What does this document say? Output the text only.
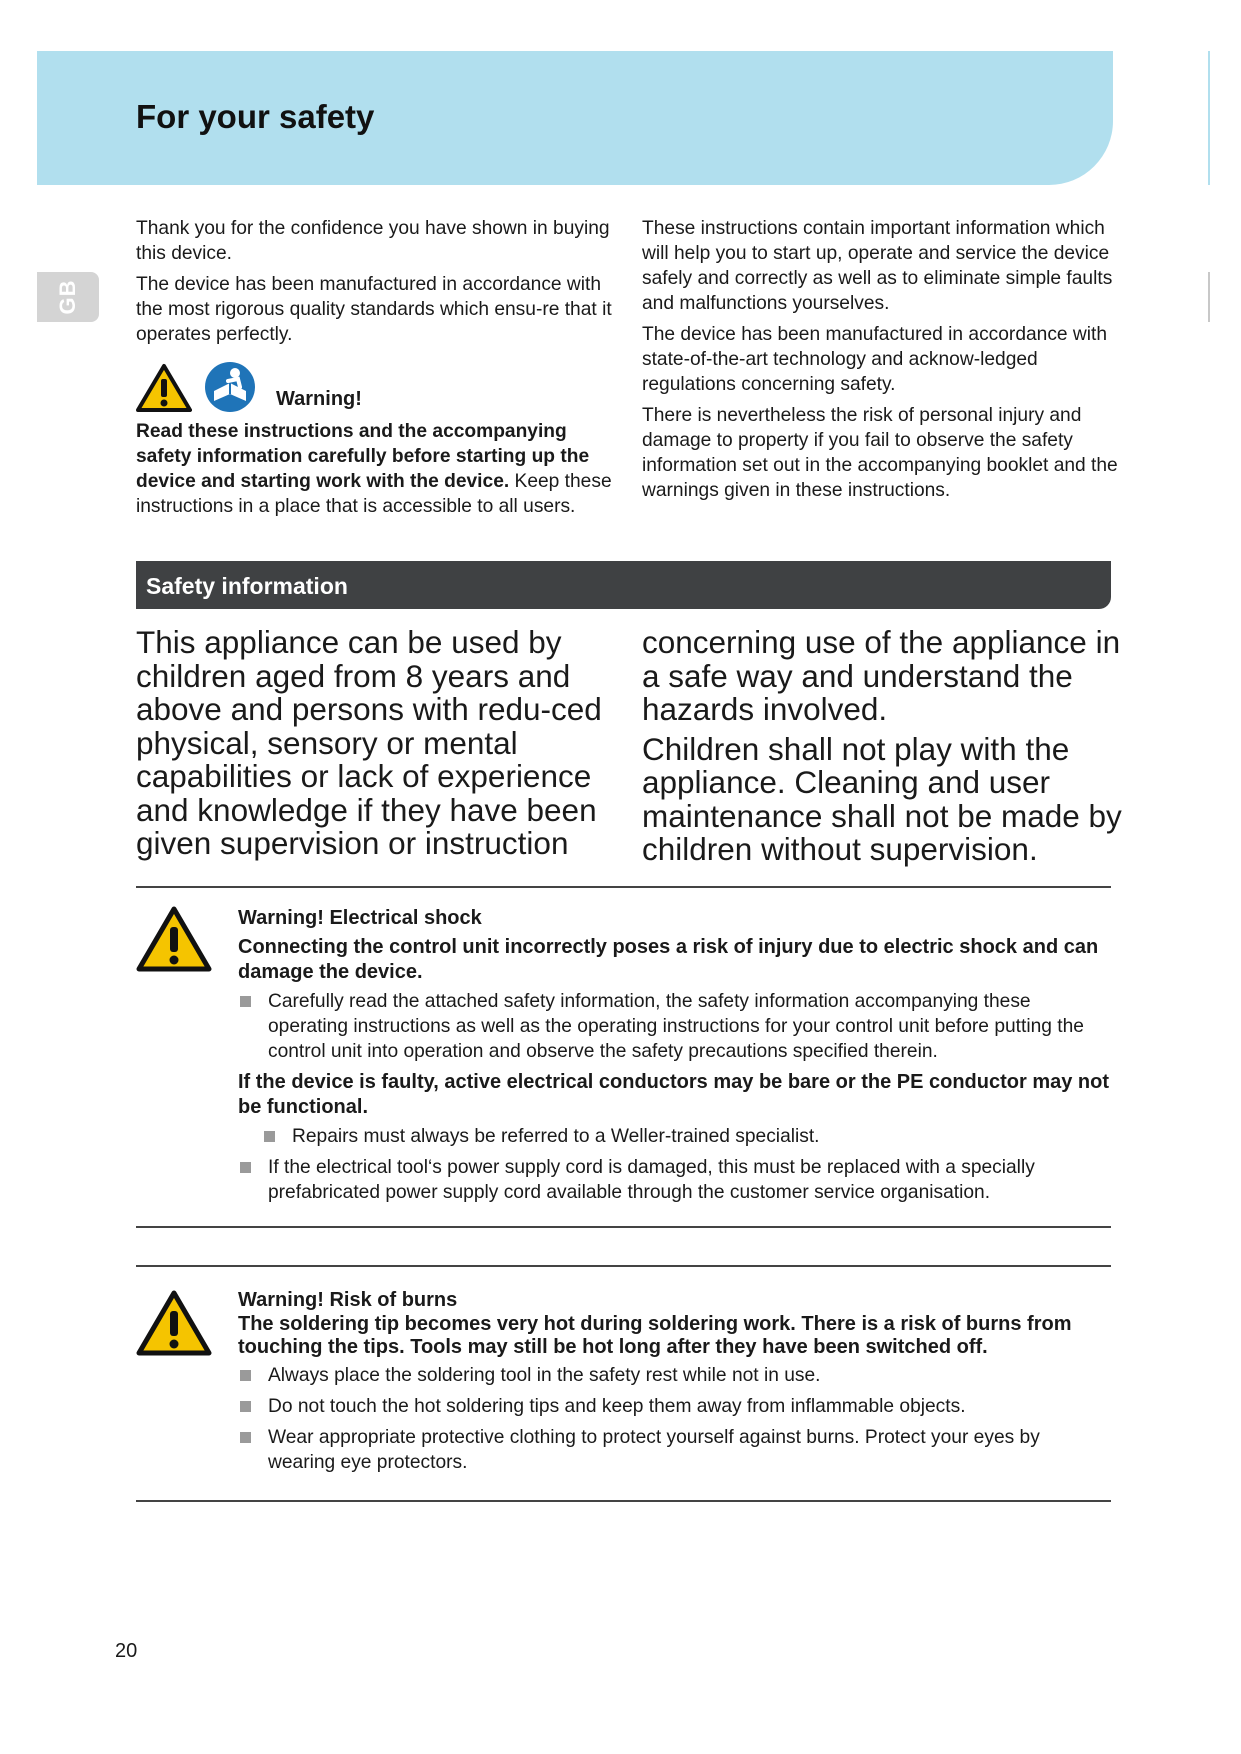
For your safety
GB

Thank you for the confidence you have shown in buying this device.

The device has been manufactured in accordance with the most rigorous quality standards which ensu-re that it operates perfectly.

Warning!

Read these instructions and the accompanying safety information carefully before starting up the device and starting work with the device. Keep these instructions in a place that is accessible to all users.

These instructions contain important information which will help you to start up, operate and service the device safely and correctly as well as to eliminate simple faults and malfunctions yourselves.

The device has been manufactured in accordance with state-of-the-art technology and acknow-ledged regulations concerning safety.

There is nevertheless the risk of personal injury and damage to property if you fail to observe the safety information set out in the accompanying booklet and the warnings given in these instructions.

Safety information

This appliance can be used by children aged from 8 years and above and persons with redu-ced physical, sensory or mental capabilities or lack of experience and knowledge if they have been given supervision or instruction

concerning use of the appliance in a safe way and understand the hazards involved.

Children shall not play with the appliance. Cleaning and user maintenance shall not be made by children without supervision.

Warning! Electrical shock

Connecting the control unit incorrectly poses a risk of injury due to electric shock and can damage the device.

Carefully read the attached safety information, the safety information accompanying these operating instructions as well as the operating instructions for your control unit before putting the control unit into operation and observe the safety precautions specified therein.

If the device is faulty, active electrical conductors may be bare or the PE conductor may not be functional.

Repairs must always be referred to a Weller-trained specialist.
If the electrical tool‘s power supply cord is damaged, this must be replaced with a specially prefabricated power supply cord available through the customer service organisation.

Warning! Risk of burns

The soldering tip becomes very hot during soldering work. There is a risk of burns from touching the tips. Tools may still be hot long after they have been switched off.

Always place the soldering tool in the safety rest while not in use.
Do not touch the hot soldering tips and keep them away from inflammable objects.
Wear appropriate protective clothing to protect yourself against burns. Protect your eyes by wearing eye protectors.
20
